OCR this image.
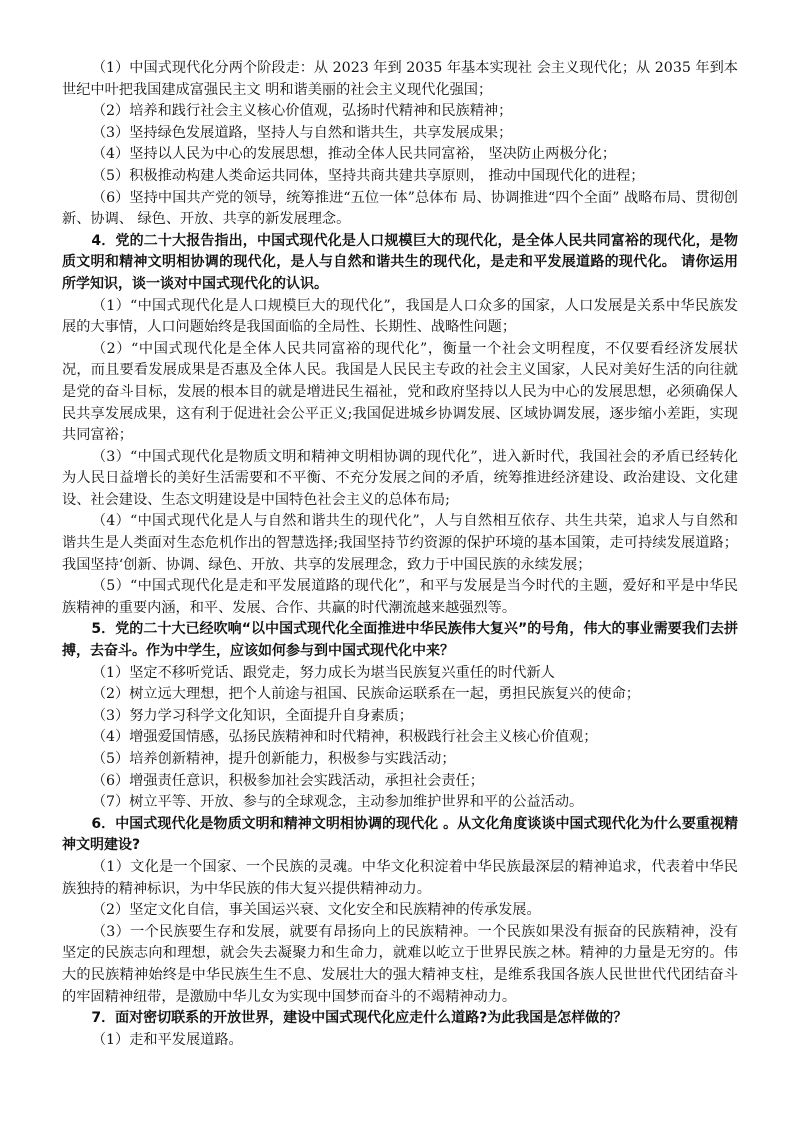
（1）中国式现代化分两个阶段走：从 2023 年到 2035 年基本实现社 会主义现代化；从 2035 年到本世纪中叶把我国建成富强民主文 明和谐美丽的社会主义现代化强国；

（2）培养和践行社会主义核心价值观，弘扬时代精神和民族精神；

（3）坚持绿色发展道路，坚持人与自然和谐共生，共享发展成果；

（4）坚持以人民为中心的发展思想，推动全体人民共同富裕， 坚决防止两极分化；

（5）积极推动构建人类命运共同体，坚持共商共建共享原则， 推动中国现代化的进程；

（6）坚持中国共产党的领导，统筹推进“五位一体”总体布 局、协调推进“四个全面” 战略布局、贯彻创新、协调、 绿色、开放、共享的新发展理念。

4．党的二十大报告指出，中国式现代化是人口规模巨大的现代化，是全体人民共同富裕的现代化，是物质文明和精神文明相协调的现代化，是人与自然和谐共生的现代化，是走和平发展道路的现代化。 请你运用所学知识，谈一谈对中国式现代化的认识。

（1）“中国式现代化是人口规模巨大的现代化”，我国是人口众多的国家，人口发展是关系中华民族发展的大事情，人口问题始终是我国面临的全局性、长期性、战略性问题；

（2）“中国式现代化是全体人民共同富裕的现代化”，衡量一个社会文明程度，不仅要看经济发展状况，而且要看发展成果是否惠及全体人民。我国是人民民主专政的社会主义国家，人民对美好生活的向往就是党的奋斗目标，发展的根本目的就是增进民生福祉，党和政府坚持以人民为中心的发展思想，必须确保人民共享发展成果，这有利于促进社会公平正义;我国促进城乡协调发展、区域协调发展，逐步缩小差距，实现共同富裕；

（3）“中国式现代化是物质文明和精神文明相协调的现代化”，进入新时代，我国社会的矛盾已经转化为人民日益增长的美好生活需要和不平衡、不充分发展之间的矛盾，统筹推进经济建设、政治建设、文化建设、社会建设、生态文明建设是中国特色社会主义的总体布局;

（4）“中国式现代化是人与自然和谐共生的现代化”，人与自然相互依存、共生共荣，追求人与自然和谐共生是人类面对生态危机作出的智慧选择;我国坚持节约资源的保护环境的基本国策，走可持续发展道路；我国坚持‘创新、协调、绿色、开放、共享的发展理念，致力于中国民族的永续发展；

（5）“中国式现代化是走和平发展道路的现代化”，和平与发展是当今时代的主题，爱好和平是中华民族精神的重要内涵，和平、发展、合作、共赢的时代潮流越来越强烈等。

5．党的二十大已经吹响“以中国式现代化全面推进中华民族伟大复兴”的号角，伟大的事业需要我们去拼搏，去奋斗。作为中学生，应该如何参与到中国式现代化中来？

（1）坚定不移听党话、跟党走，努力成长为堪当民族复兴重任的时代新人

（2）树立远大理想，把个人前途与祖国、民族命运联系在一起，勇担民族复兴的使命；

（3）努力学习科学文化知识，全面提升自身素质；

（4）增强爱国情感，弘扬民族精神和时代精神，积极践行社会主义核心价值观；

（5）培养创新精神，提升创新能力，积极参与实践活动；

（6）增强责任意识，积极参加社会实践活动，承担社会责任；

（7）树立平等、开放、参与的全球观念，主动参加维护世界和平的公益活动。

6．中国式现代化是物质文明和精神文明相协调的现代化 。从文化角度谈谈中国式现代化为什么要重视精神文明建设?

（1）文化是一个国家、一个民族的灵魂。中华文化积淀着中华民族最深层的精神追求，代表着中华民族独持的精神标识，为中华民族的伟大复兴提供精神动力。

（2）坚定文化自信，事关国运兴衰、文化安全和民族精神的传承发展。

（3）一个民族要生存和发展，就要有昂扬向上的民族精神。一个民族如果没有振奋的民族精神，没有坚定的民族志向和理想，就会失去凝聚力和生命力，就难以屹立于世界民族之林。精神的力量是无穷的。伟大的民族精神始终是中华民族生生不息、发展壮大的强大精神支柱，是维系我国各族人民世世代代团结奋斗的牢固精神纽带，是激励中华儿女为实现中国梦而奋斗的不竭精神动力。

7．面对密切联系的开放世界，建设中国式现代化应走什么道路?为此我国是怎样做的？

（1）走和平发展道路。
